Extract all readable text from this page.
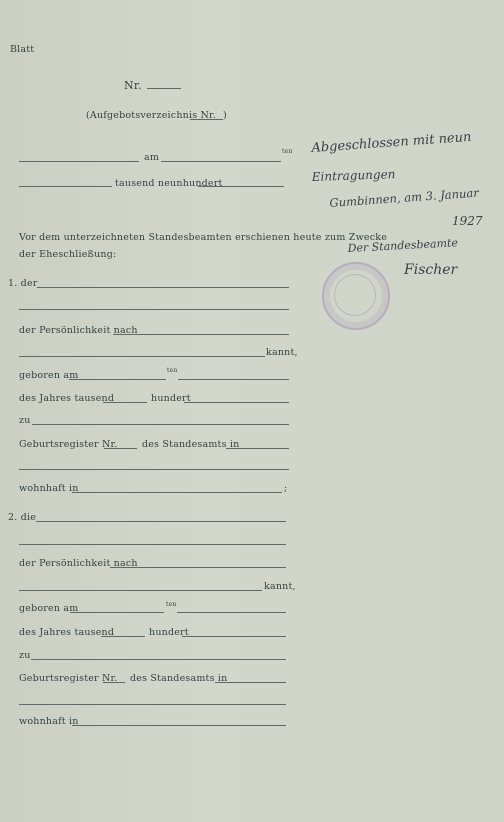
Blatt
Nr.
(Aufgebotsverzeichnis Nr. )
am
ten
tausend neunhundert
Vor dem unterzeichneten Standesbeamten erschienen heute zum Zwecke
der Eheschließung:
1. der
der Persönlichkeit nach
kannt,
geboren am	ten
des Jahres tausend	hundert
zu
Geburtsregister Nr.	des Standesamts in
wohnhaft in	;
2. die
der Persönlichkeit nach
kannt,
geboren am	ten
des Jahres tausend	hundert
zu
Geburtsregister Nr. des Standesamts in
wohnhaft in
Abgeschlossen mit neun
Eintragungen
Gumbinnen, am 3. Januar
1927
Der Standesbeamte
Fischer
